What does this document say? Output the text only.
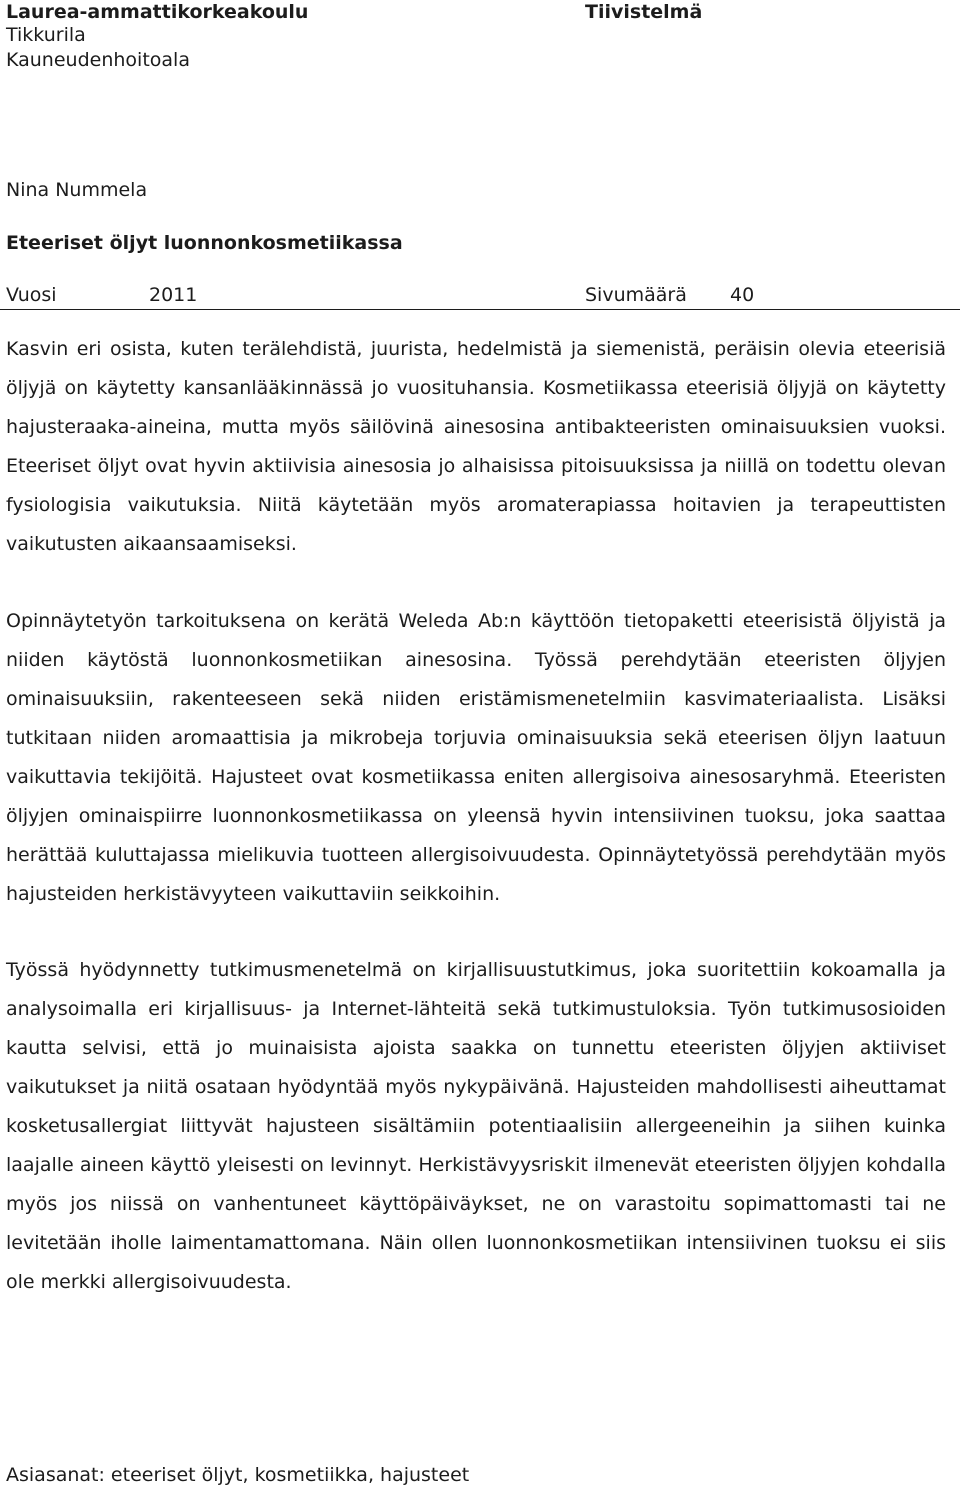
Laurea-ammattikorkeakoulu
Tikkurila
Kauneudenhoitoala
Tiivistelmä
Nina Nummela
Eteeriset öljyt luonnonkosmetiikassa
Vuosi	2011	Sivumäärä 40

Kasvin eri osista, kuten terälehdistä, juurista, hedelmistä ja siemenistä, peräisin olevia eteerisiä öljyjä on käytetty kansanlääkinnässä jo vuosituhansia. Kosmetiikassa eteerisiä öljyjä on käytetty hajusteraaka-aineina, mutta myös säilövinä ainesosina antibakteeristen ominaisuuksien vuoksi. Eteeriset öljyt ovat hyvin aktiivisia ainesosia jo alhaisissa pitoisuuksissa ja niillä on todettu olevan fysiologisia vaikutuksia. Niitä käytetään myös aromaterapiassa hoitavien ja terapeuttisten vaikutusten aikaansaamiseksi.

Opinnäytetyön tarkoituksena on kerätä Weleda Ab:n käyttöön tietopaketti eteerisistä öljyistä ja niiden käytöstä luonnonkosmetiikan ainesosina. Työssä perehdytään eteeristen öljyjen ominaisuuksiin, rakenteeseen sekä niiden eristämismenetelmiin kasvimateriaalista. Lisäksi tutkitaan niiden aromaattisia ja mikrobeja torjuvia ominaisuuksia sekä eteerisen öljyn laatuun vaikuttavia tekijöitä. Hajusteet ovat kosmetiikassa eniten allergisoiva ainesosaryhmä. Eteeristen öljyjen ominaispiirre luonnonkosmetiikassa on yleensä hyvin intensiivinen tuoksu, joka saattaa herättää kuluttajassa mielikuvia tuotteen allergisoivuudesta. Opinnäytetyössä perehdytään myös hajusteiden herkistävyyteen vaikuttaviin seikkoihin.

Työssä hyödynnetty tutkimusmenetelmä on kirjallisuustutkimus, joka suoritettiin kokoamalla ja analysoimalla eri kirjallisuus- ja Internet-lähteitä sekä tutkimustuloksia. Työn tutkimusosioiden kautta selvisi, että jo muinaisista ajoista saakka on tunnettu eteeristen öljyjen aktiiviset vaikutukset ja niitä osataan hyödyntää myös nykypäivänä. Hajusteiden mahdollisesti aiheuttamat kosketusallergiat liittyvät hajusteen sisältämiin potentiaalisiin allergeeneihin ja siihen kuinka laajalle aineen käyttö yleisesti on levinnyt. Herkistävyysriskit ilmenevät eteeristen öljyjen kohdalla myös jos niissä on vanhentuneet käyttöpäiväykset, ne on varastoitu sopimattomasti tai ne levitetään iholle laimentamattomana. Näin ollen luonnonkosmetiikan intensiivinen tuoksu ei siis ole merkki allergisoivuudesta.

Asiasanat: eteeriset öljyt, kosmetiikka, hajusteet
